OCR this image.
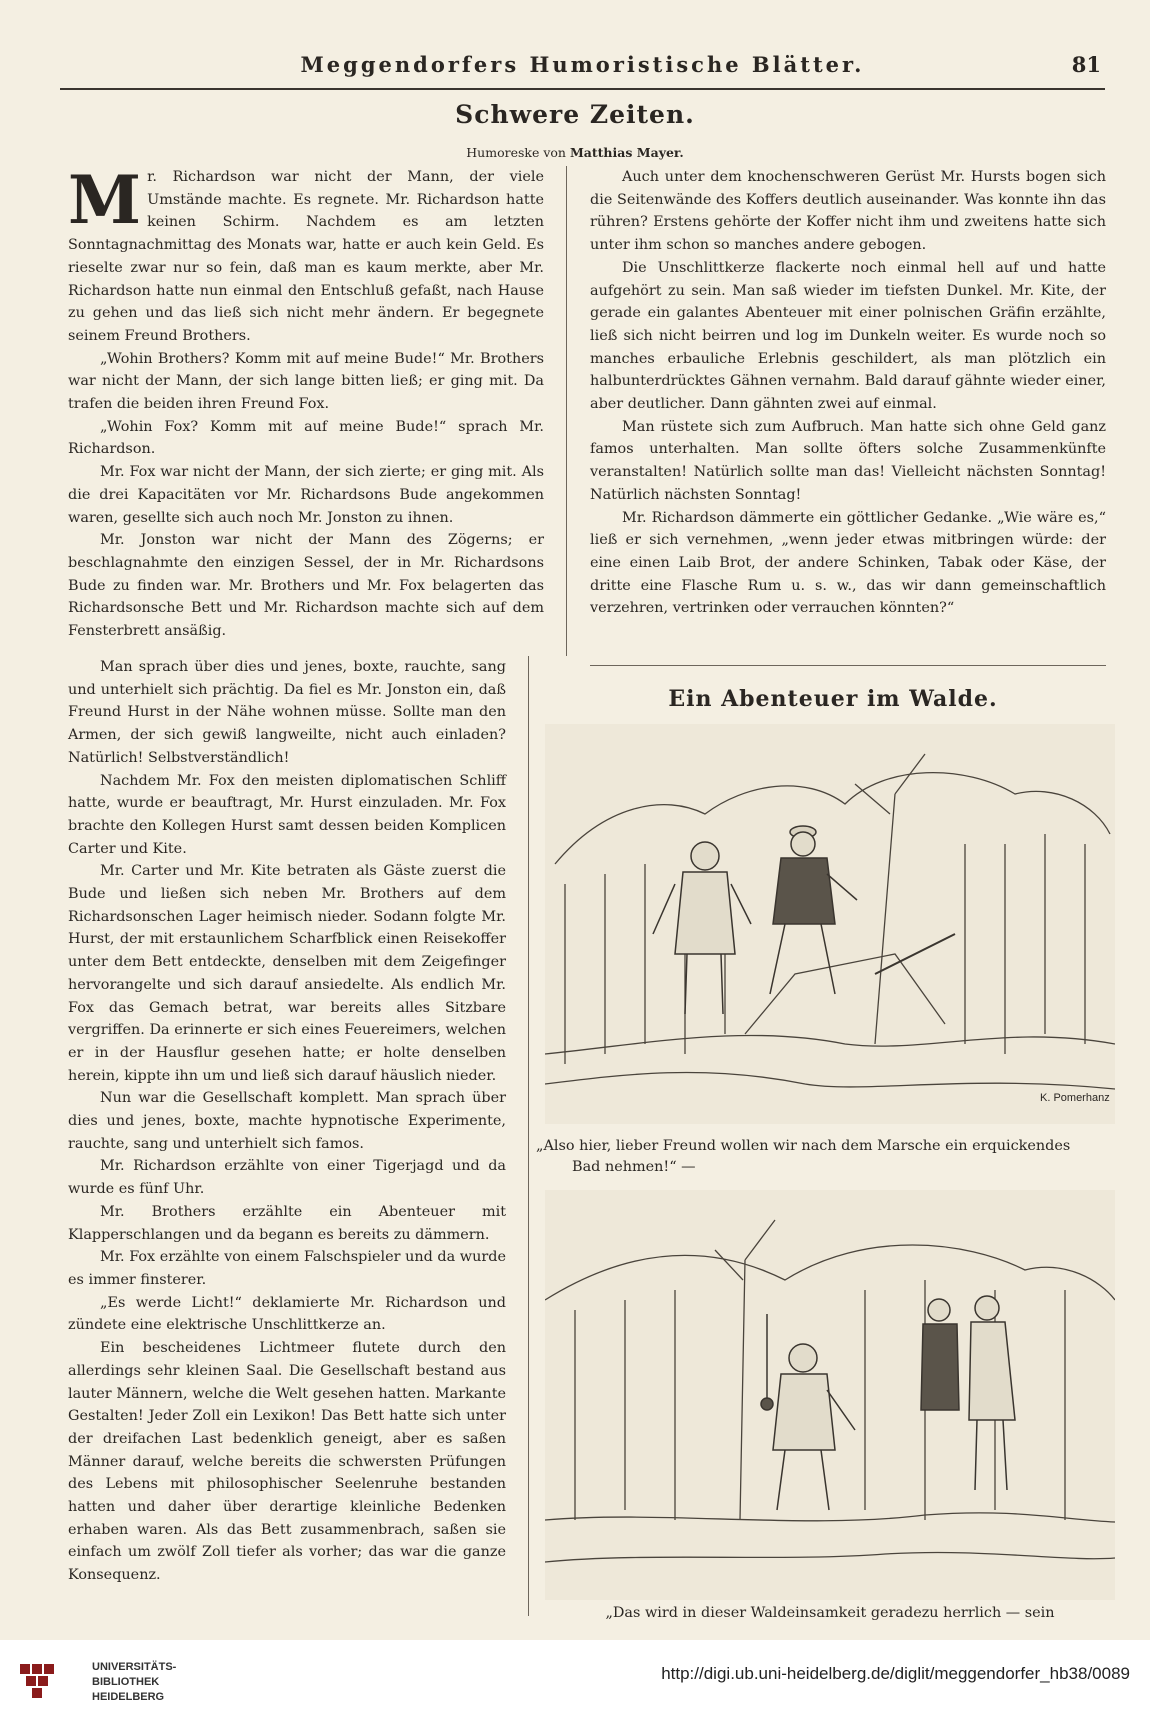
Meggendorfers Humoristische Blätter.	81
Schwere Zeiten.
Humoreske von Matthias Mayer.

Mr. Richardson war nicht der Mann, der viele Umstände machte. Es regnete. Mr. Richardson hatte keinen Schirm. Nachdem es am letzten Sonntagnachmittag des Monats war, hatte er auch kein Geld. Es rieselte zwar nur so fein, daß man es kaum merkte, aber Mr. Richardson hatte nun einmal den Entschluß gefaßt, nach Hause zu gehen und das ließ sich nicht mehr ändern. Er begegnete seinem Freund Brothers.

„Wohin Brothers? Komm mit auf meine Bude!“ Mr. Brothers war nicht der Mann, der sich lange bitten ließ; er ging mit. Da trafen die beiden ihren Freund Fox.

„Wohin Fox? Komm mit auf meine Bude!“ sprach Mr. Richardson.

Mr. Fox war nicht der Mann, der sich zierte; er ging mit. Als die drei Kapacitäten vor Mr. Richardsons Bude angekommen waren, gesellte sich auch noch Mr. Jonston zu ihnen.

Mr. Jonston war nicht der Mann des Zögerns; er beschlagnahmte den einzigen Sessel, der in Mr. Richardsons Bude zu finden war. Mr. Brothers und Mr. Fox belagerten das Richardsonsche Bett und Mr. Richardson machte sich auf dem Fensterbrett ansäßig.

Man sprach über dies und jenes, boxte, rauchte, sang und unterhielt sich prächtig. Da fiel es Mr. Jonston ein, daß Freund Hurst in der Nähe wohnen müsse. Sollte man den Armen, der sich gewiß langweilte, nicht auch einladen? Natürlich! Selbstverständlich!

Nachdem Mr. Fox den meisten diplomatischen Schliff hatte, wurde er beauftragt, Mr. Hurst einzuladen. Mr. Fox brachte den Kollegen Hurst samt dessen beiden Komplicen Carter und Kite.

Mr. Carter und Mr. Kite betraten als Gäste zuerst die Bude und ließen sich neben Mr. Brothers auf dem Richardsonschen Lager heimisch nieder. Sodann folgte Mr. Hurst, der mit erstaunlichem Scharfblick einen Reisekoffer unter dem Bett entdeckte, denselben mit dem Zeigefinger hervorangelte und sich darauf ansiedelte. Als endlich Mr. Fox das Gemach betrat, war bereits alles Sitzbare vergriffen. Da erinnerte er sich eines Feuereimers, welchen er in der Hausflur gesehen hatte; er holte denselben herein, kippte ihn um und ließ sich darauf häuslich nieder.

Nun war die Gesellschaft komplett. Man sprach über dies und jenes, boxte, machte hypnotische Experimente, rauchte, sang und unterhielt sich famos.

Mr. Richardson erzählte von einer Tigerjagd und da wurde es fünf Uhr.

Mr. Brothers erzählte ein Abenteuer mit Klapperschlangen und da begann es bereits zu dämmern.

Mr. Fox erzählte von einem Falschspieler und da wurde es immer finsterer.

„Es werde Licht!“ deklamierte Mr. Richardson und zündete eine elektrische Unschlittkerze an.

Ein bescheidenes Lichtmeer flutete durch den allerdings sehr kleinen Saal. Die Gesellschaft bestand aus lauter Männern, welche die Welt gesehen hatten. Markante Gestalten! Jeder Zoll ein Lexikon! Das Bett hatte sich unter der dreifachen Last bedenklich geneigt, aber es saßen Männer darauf, welche bereits die schwersten Prüfungen des Lebens mit philosophischer Seelenruhe bestanden hatten und daher über derartige kleinliche Bedenken erhaben waren. Als das Bett zusammenbrach, saßen sie einfach um zwölf Zoll tiefer als vorher; das war die ganze Konsequenz.

Auch unter dem knochenschweren Gerüst Mr. Hursts bogen sich die Seitenwände des Koffers deutlich auseinander. Was konnte ihn das rühren? Erstens gehörte der Koffer nicht ihm und zweitens hatte sich unter ihm schon so manches andere gebogen.

Die Unschlittkerze flackerte noch einmal hell auf und hatte aufgehört zu sein. Man saß wieder im tiefsten Dunkel. Mr. Kite, der gerade ein galantes Abenteuer mit einer polnischen Gräfin erzählte, ließ sich nicht beirren und log im Dunkeln weiter. Es wurde noch so manches erbauliche Erlebnis geschildert, als man plötzlich ein halbunterdrücktes Gähnen vernahm. Bald darauf gähnte wieder einer, aber deutlicher. Dann gähnten zwei auf einmal.

Man rüstete sich zum Aufbruch. Man hatte sich ohne Geld ganz famos unterhalten. Man sollte öfters solche Zusammenkünfte veranstalten! Natürlich sollte man das! Vielleicht nächsten Sonntag! Natürlich nächsten Sonntag!

Mr. Richardson dämmerte ein göttlicher Gedanke. „Wie wäre es,“ ließ er sich vernehmen, „wenn jeder etwas mitbringen würde: der eine einen Laib Brot, der andere Schinken, Tabak oder Käse, der dritte eine Flasche Rum u. s. w., das wir dann gemeinschaftlich verzehren, vertrinken oder verrauchen könnten?“

Ein Abenteuer im Walde.
„Also hier, lieber Freund wollen wir nach dem Marsche ein erquickendes
Bad nehmen!“ —
K. Pomerhanz
„Das wird in dieser Waldeinsamkeit geradezu herrlich — sein
UNIVERSITÄTS-
BIBLIOTHEK
HEIDELBERG
http://digi.ub.uni-heidelberg.de/diglit/meggendorfer_hb38/0089
